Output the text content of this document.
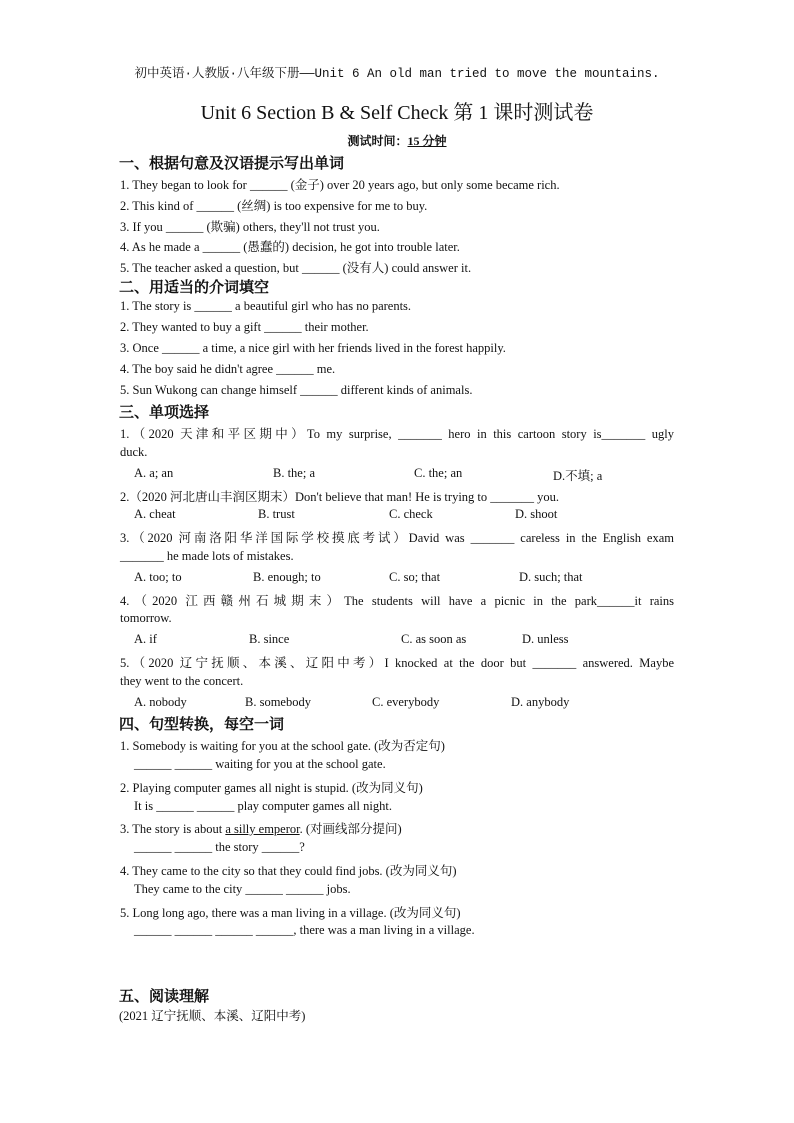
初中英语·人教版·八年级下册——Unit 6 An old man tried to move the mountains.
Unit 6 Section B & Self Check 第 1 课时测试卷
测试时间：15 分钟
一、根据句意及汉语提示写出单词
1. They began to look for ______ (金子) over 20 years ago, but only some became rich.
2. This kind of ______ (丝绸) is too expensive for me to buy.
3. If you ______ (欺骗) others, they'll not trust you.
4. As he made a ______ (愚蠢的) decision, he got into trouble later.
5. The teacher asked a question, but ______ (没有人) could answer it.
二、用适当的介词填空
1. The story is ______ a beautiful girl who has no parents.
2. They wanted to buy a gift ______ their mother.
3. Once ______ a time, a nice girl with her friends lived in the forest happily.
4. The boy said he didn't agree ______ me.
5. Sun Wukong can change himself ______ different kinds of animals.
三、单项选择
1.（2020 天津和平区期中）To my surprise, _______ hero in this cartoon story is_______ ugly
duck.
A. a; an	B. the; a	C. the; an	D.不填; a
2.（2020 河北唐山丰润区期末）Don't believe that man! He is trying to _______ you.
A. cheat	B. trust	C. check	D. shoot
3.（2020 河南洛阳华洋国际学校摸底考试）David was _______ careless in the English exam
_______ he made lots of mistakes.
A. too; to	B. enough; to	C. so; that	D. such; that
4.（2020 江西赣州石城期末）The students will have a picnic in the park______it rains
tomorrow.
A. if	B. since	C. as soon as	D. unless
5.（2020 辽宁抚顺、本溪、辽阳中考）I knocked at the door but _______ answered. Maybe
they went to the concert.
A. nobody	B. somebody	C. everybody	D. anybody
四、句型转换，每空一词
1. Somebody is waiting for you at the school gate. (改为否定句)
______ ______ waiting for you at the school gate.
2. Playing computer games all night is stupid. (改为同义句)
It is ______ ______ play computer games all night.
3. The story is about a silly emperor. (对画线部分提问)
______ ______ the story ______?
4. They came to the city so that they could find jobs. (改为同义句)
They came to the city ______ ______ jobs.
5. Long long ago, there was a man living in a village. (改为同义句)
______ ______ ______ ______, there was a man living in a village.
五、阅读理解
(2021 辽宁抚顺、本溪、辽阳中考)
